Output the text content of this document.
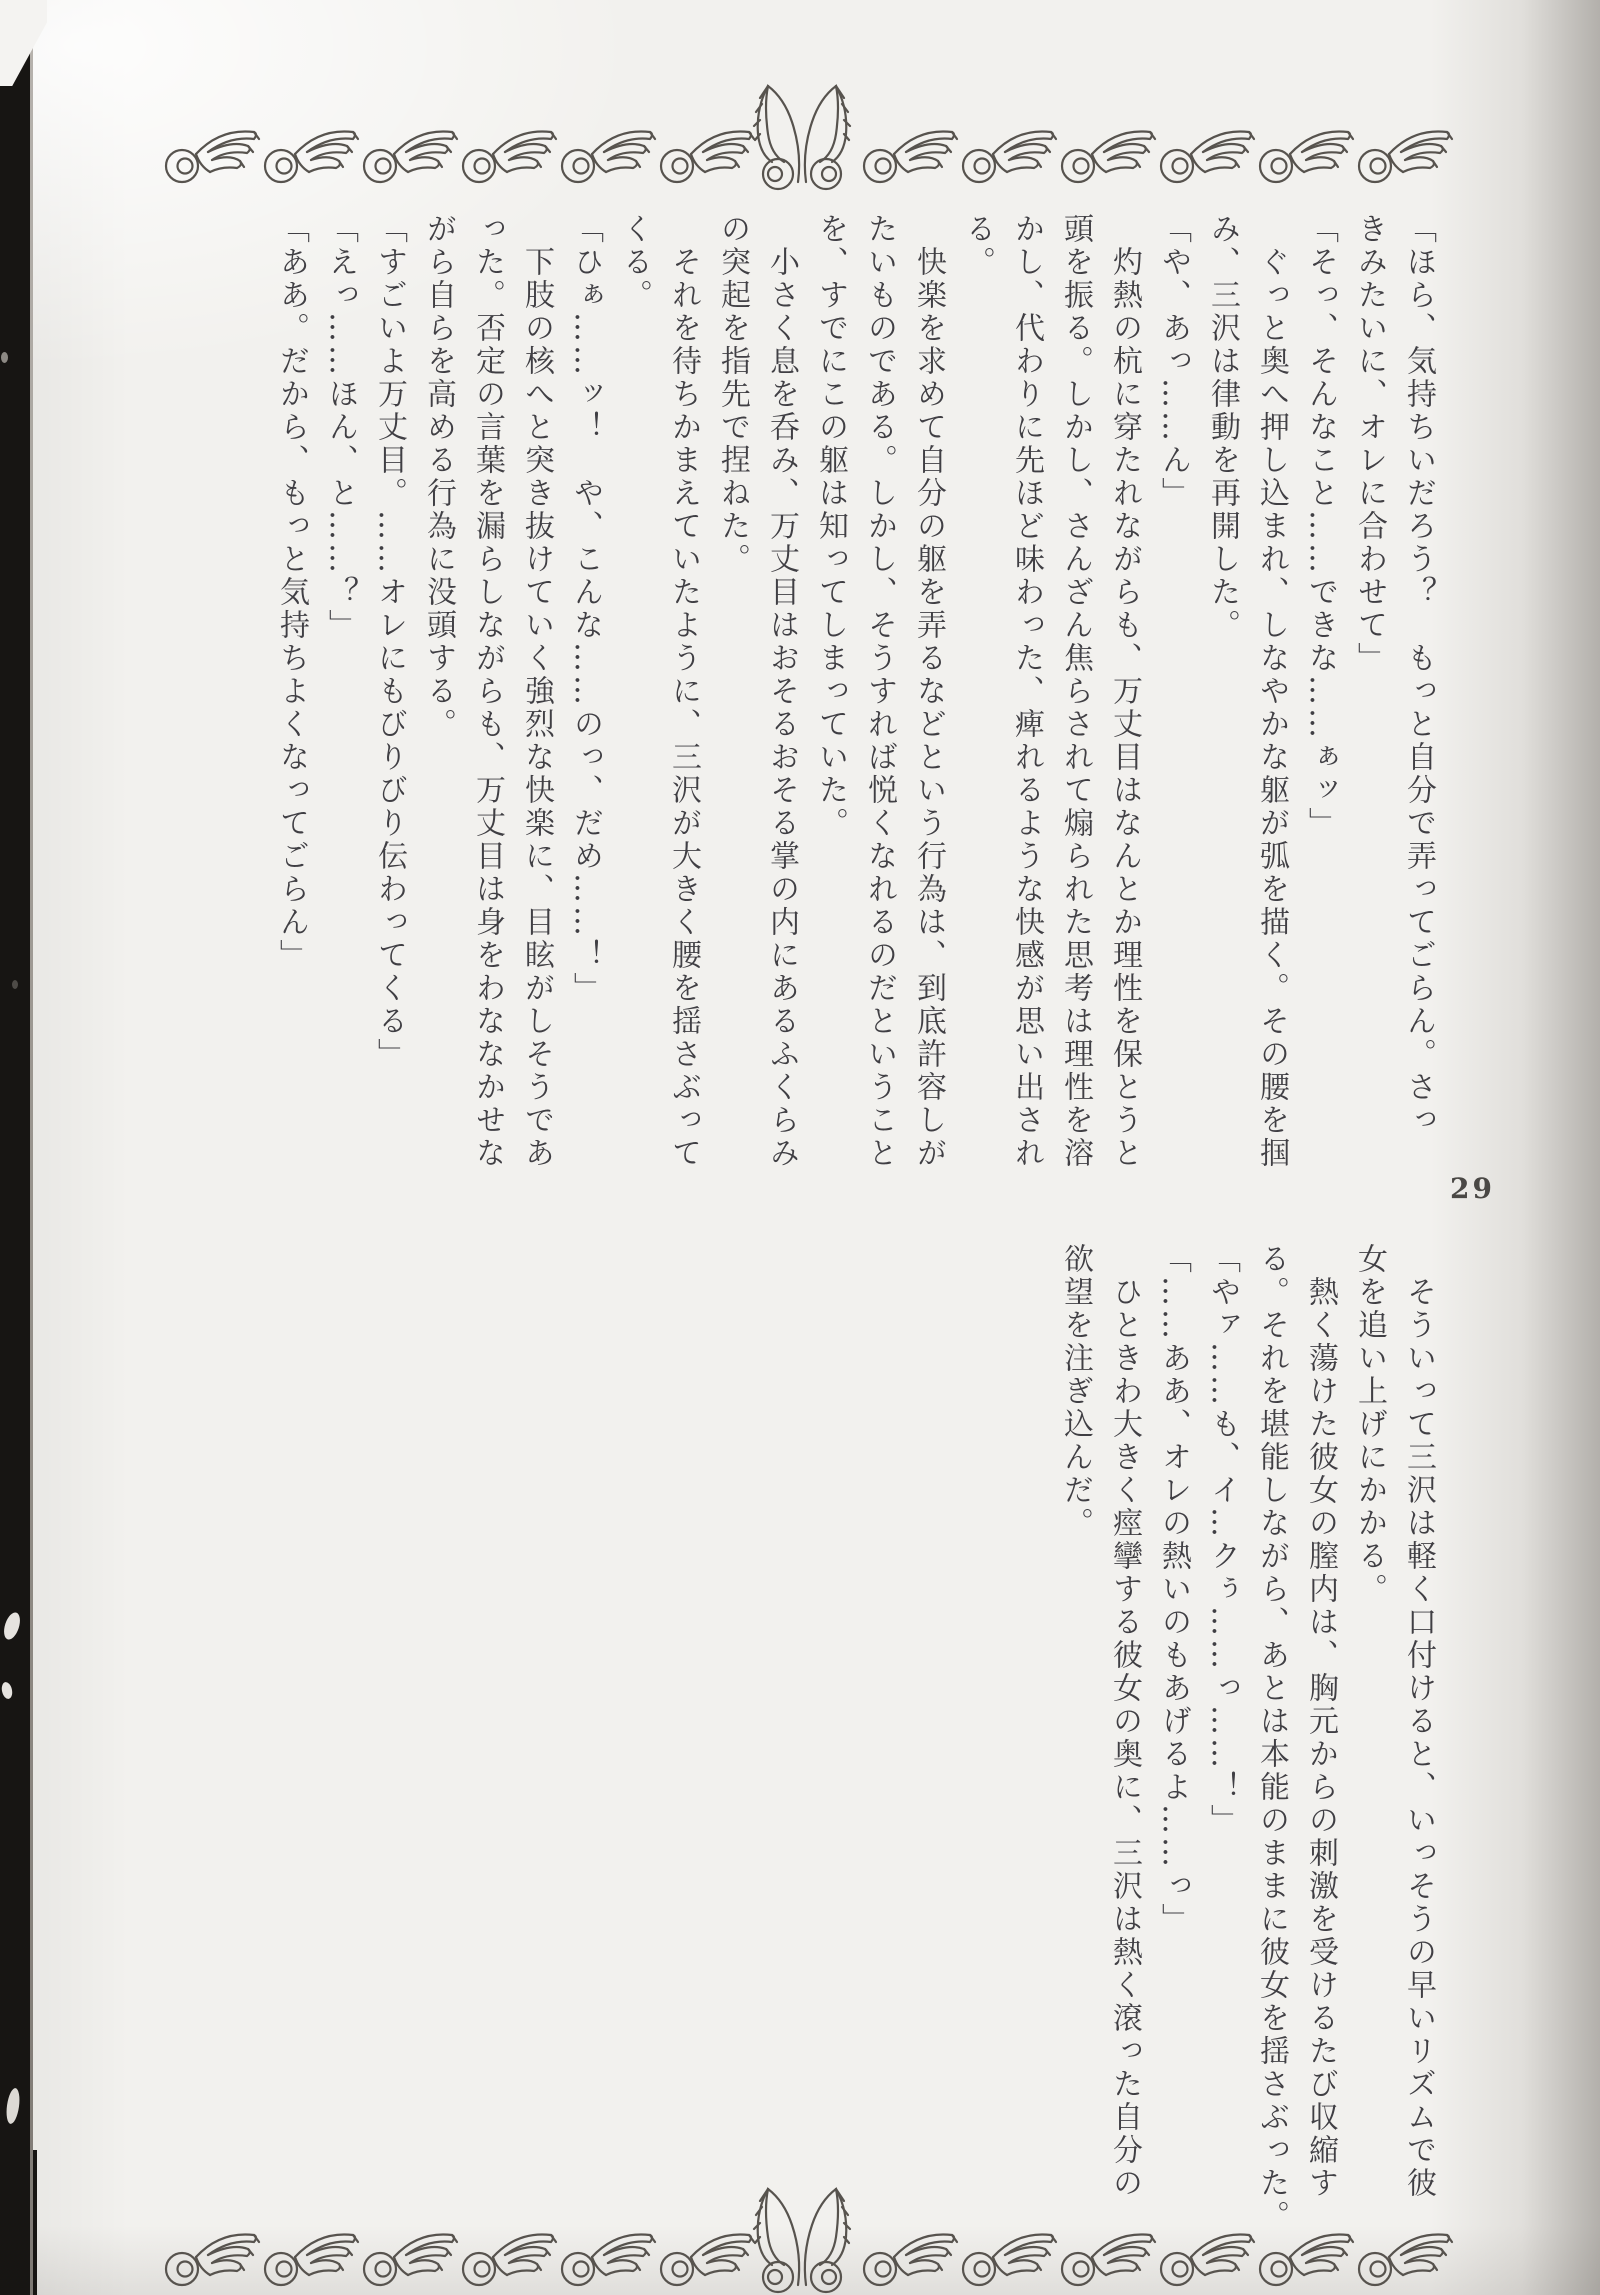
「ほら、気持ちいだろう？　もっと自分で弄ってごらん。さっ
きみたいに、オレに合わせて」
「そっ、そんなこと……できな……ぁッ」
　ぐっと奥へ押し込まれ、しなやかな躯が弧を描く。その腰を掴
み、三沢は律動を再開した。
「や、あっ……ん」
　灼熱の杭に穿たれながらも、万丈目はなんとか理性を保とうと
頭を振る。しかし、さんざん焦らされて煽られた思考は理性を溶
かし、代わりに先ほど味わった、痺れるような快感が思い出され
る。
　快楽を求めて自分の躯を弄るなどという行為は、到底許容しが
たいものである。しかし、そうすれば悦くなれるのだということ
を、すでにこの躯は知ってしまっていた。
　小さく息を呑み、万丈目はおそるおそる掌の内にあるふくらみ
の突起を指先で捏ねた。
　それを待ちかまえていたように、三沢が大きく腰を揺さぶって
くる。
「ひぁ……ッ！　や、こんな……のっ、だめ……！」
　下肢の核へと突き抜けていく強烈な快楽に、目眩がしそうであ
った。否定の言葉を漏らしながらも、万丈目は身をわななかせな
がら自らを高める行為に没頭する。
「すごいよ万丈目。……オレにもびりびり伝わってくる」
「えっ……ほん、と……？」
「ああ。だから、もっと気持ちよくなってごらん」
29
　そういって三沢は軽く口付けると、いっそうの早いリズムで彼
女を追い上げにかかる。
　熱く蕩けた彼女の膣内は、胸元からの刺激を受けるたび収縮す
る。それを堪能しながら、あとは本能のままに彼女を揺さぶった。
「やァ……も、イ…クぅ……っ……！」
「……ああ、オレの熱いのもあげるよ……っ」
　ひときわ大きく痙攣する彼女の奥に、三沢は熱く滾った自分の
欲望を注ぎ込んだ。
